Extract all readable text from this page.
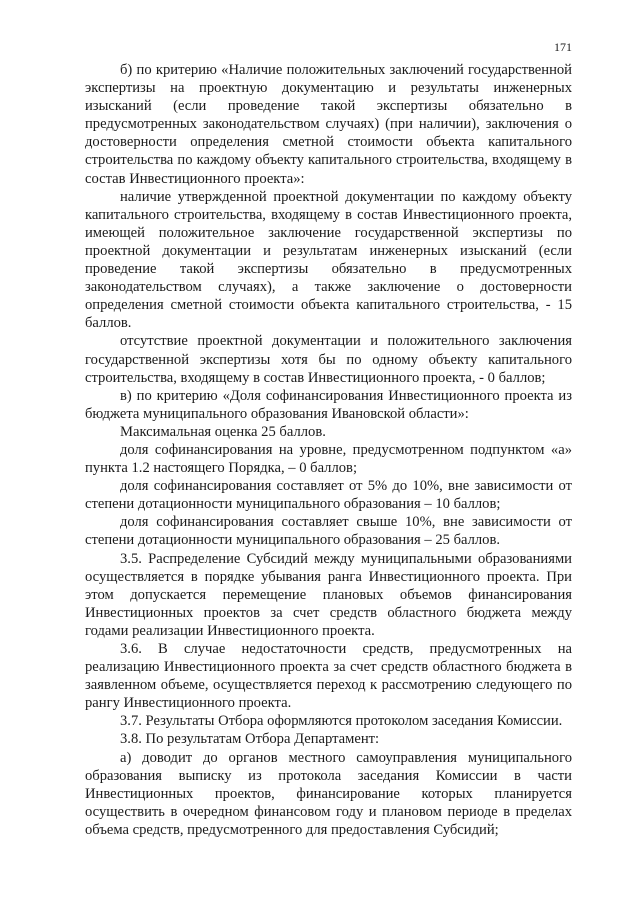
171

б) по критерию «Наличие положительных заключений государственной экспертизы на проектную документацию и результаты инженерных изысканий (если проведение такой экспертизы обязательно в предусмотренных законодательством случаях) (при наличии), заключения о достоверности определения сметной стоимости объекта капитального строительства по каждому объекту капитального строительства, входящему в состав Инвестиционного проекта»:

наличие утвержденной проектной документации по каждому объекту капитального строительства, входящему в состав Инвестиционного проекта, имеющей положительное заключение государственной экспертизы по проектной документации и результатам инженерных изысканий (если проведение такой экспертизы обязательно в предусмотренных законодательством случаях), а также заключение о достоверности определения сметной стоимости объекта капитального строительства, - 15 баллов.

отсутствие проектной документации и положительного заключения государственной экспертизы хотя бы по одному объекту капитального строительства, входящему в состав Инвестиционного проекта, - 0 баллов;

в) по критерию «Доля софинансирования Инвестиционного проекта из бюджета муниципального образования Ивановской области»:

Максимальная оценка 25 баллов.

доля софинансирования на уровне, предусмотренном подпунктом «а» пункта 1.2 настоящего Порядка, – 0 баллов;

доля софинансирования составляет от 5% до 10%, вне зависимости от степени дотационности муниципального образования – 10 баллов;

доля софинансирования составляет свыше 10%, вне зависимости от степени дотационности муниципального образования – 25 баллов.

3.5. Распределение Субсидий между муниципальными образованиями осуществляется в порядке убывания ранга Инвестиционного проекта. При этом допускается перемещение плановых объемов финансирования Инвестиционных проектов за счет средств областного бюджета между годами реализации Инвестиционного проекта.

3.6. В случае недостаточности средств, предусмотренных на реализацию Инвестиционного проекта за счет средств областного бюджета в заявленном объеме, осуществляется переход к рассмотрению следующего по рангу Инвестиционного проекта.

3.7. Результаты Отбора оформляются протоколом заседания Комиссии.

3.8. По результатам Отбора Департамент:

а) доводит до органов местного самоуправления муниципального образования выписку из протокола заседания Комиссии в части Инвестиционных проектов, финансирование которых планируется осуществить в очередном финансовом году и плановом периоде в пределах объема средств, предусмотренного для предоставления Субсидий;
